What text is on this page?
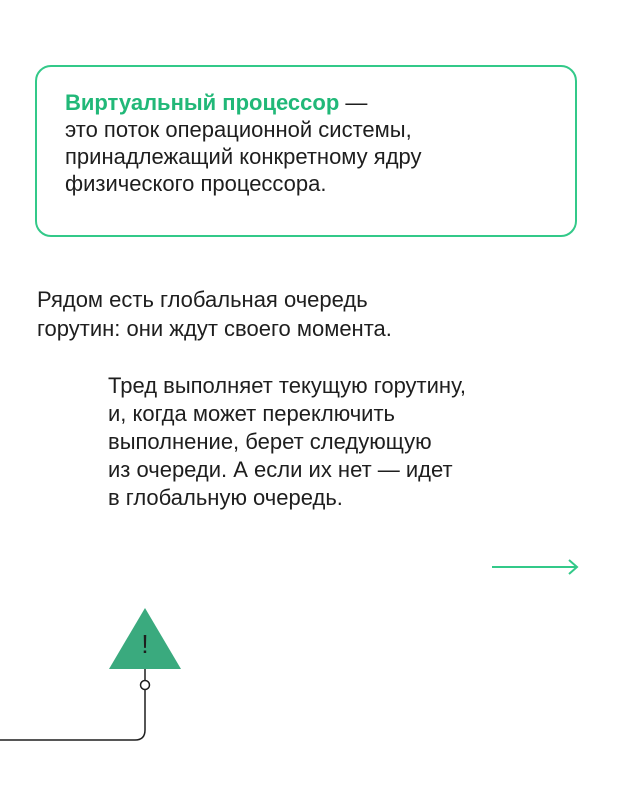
Виртуальный процессор —
это поток операционной системы,
принадлежащий конкретному ядру
физического процессора.
Рядом есть глобальная очередь
горутин: они ждут своего момента.
Тред выполняет текущую горутину,
и, когда может переключить
выполнение, берет следующую
из очереди. А если их нет — идет
в глобальную очередь.
!
